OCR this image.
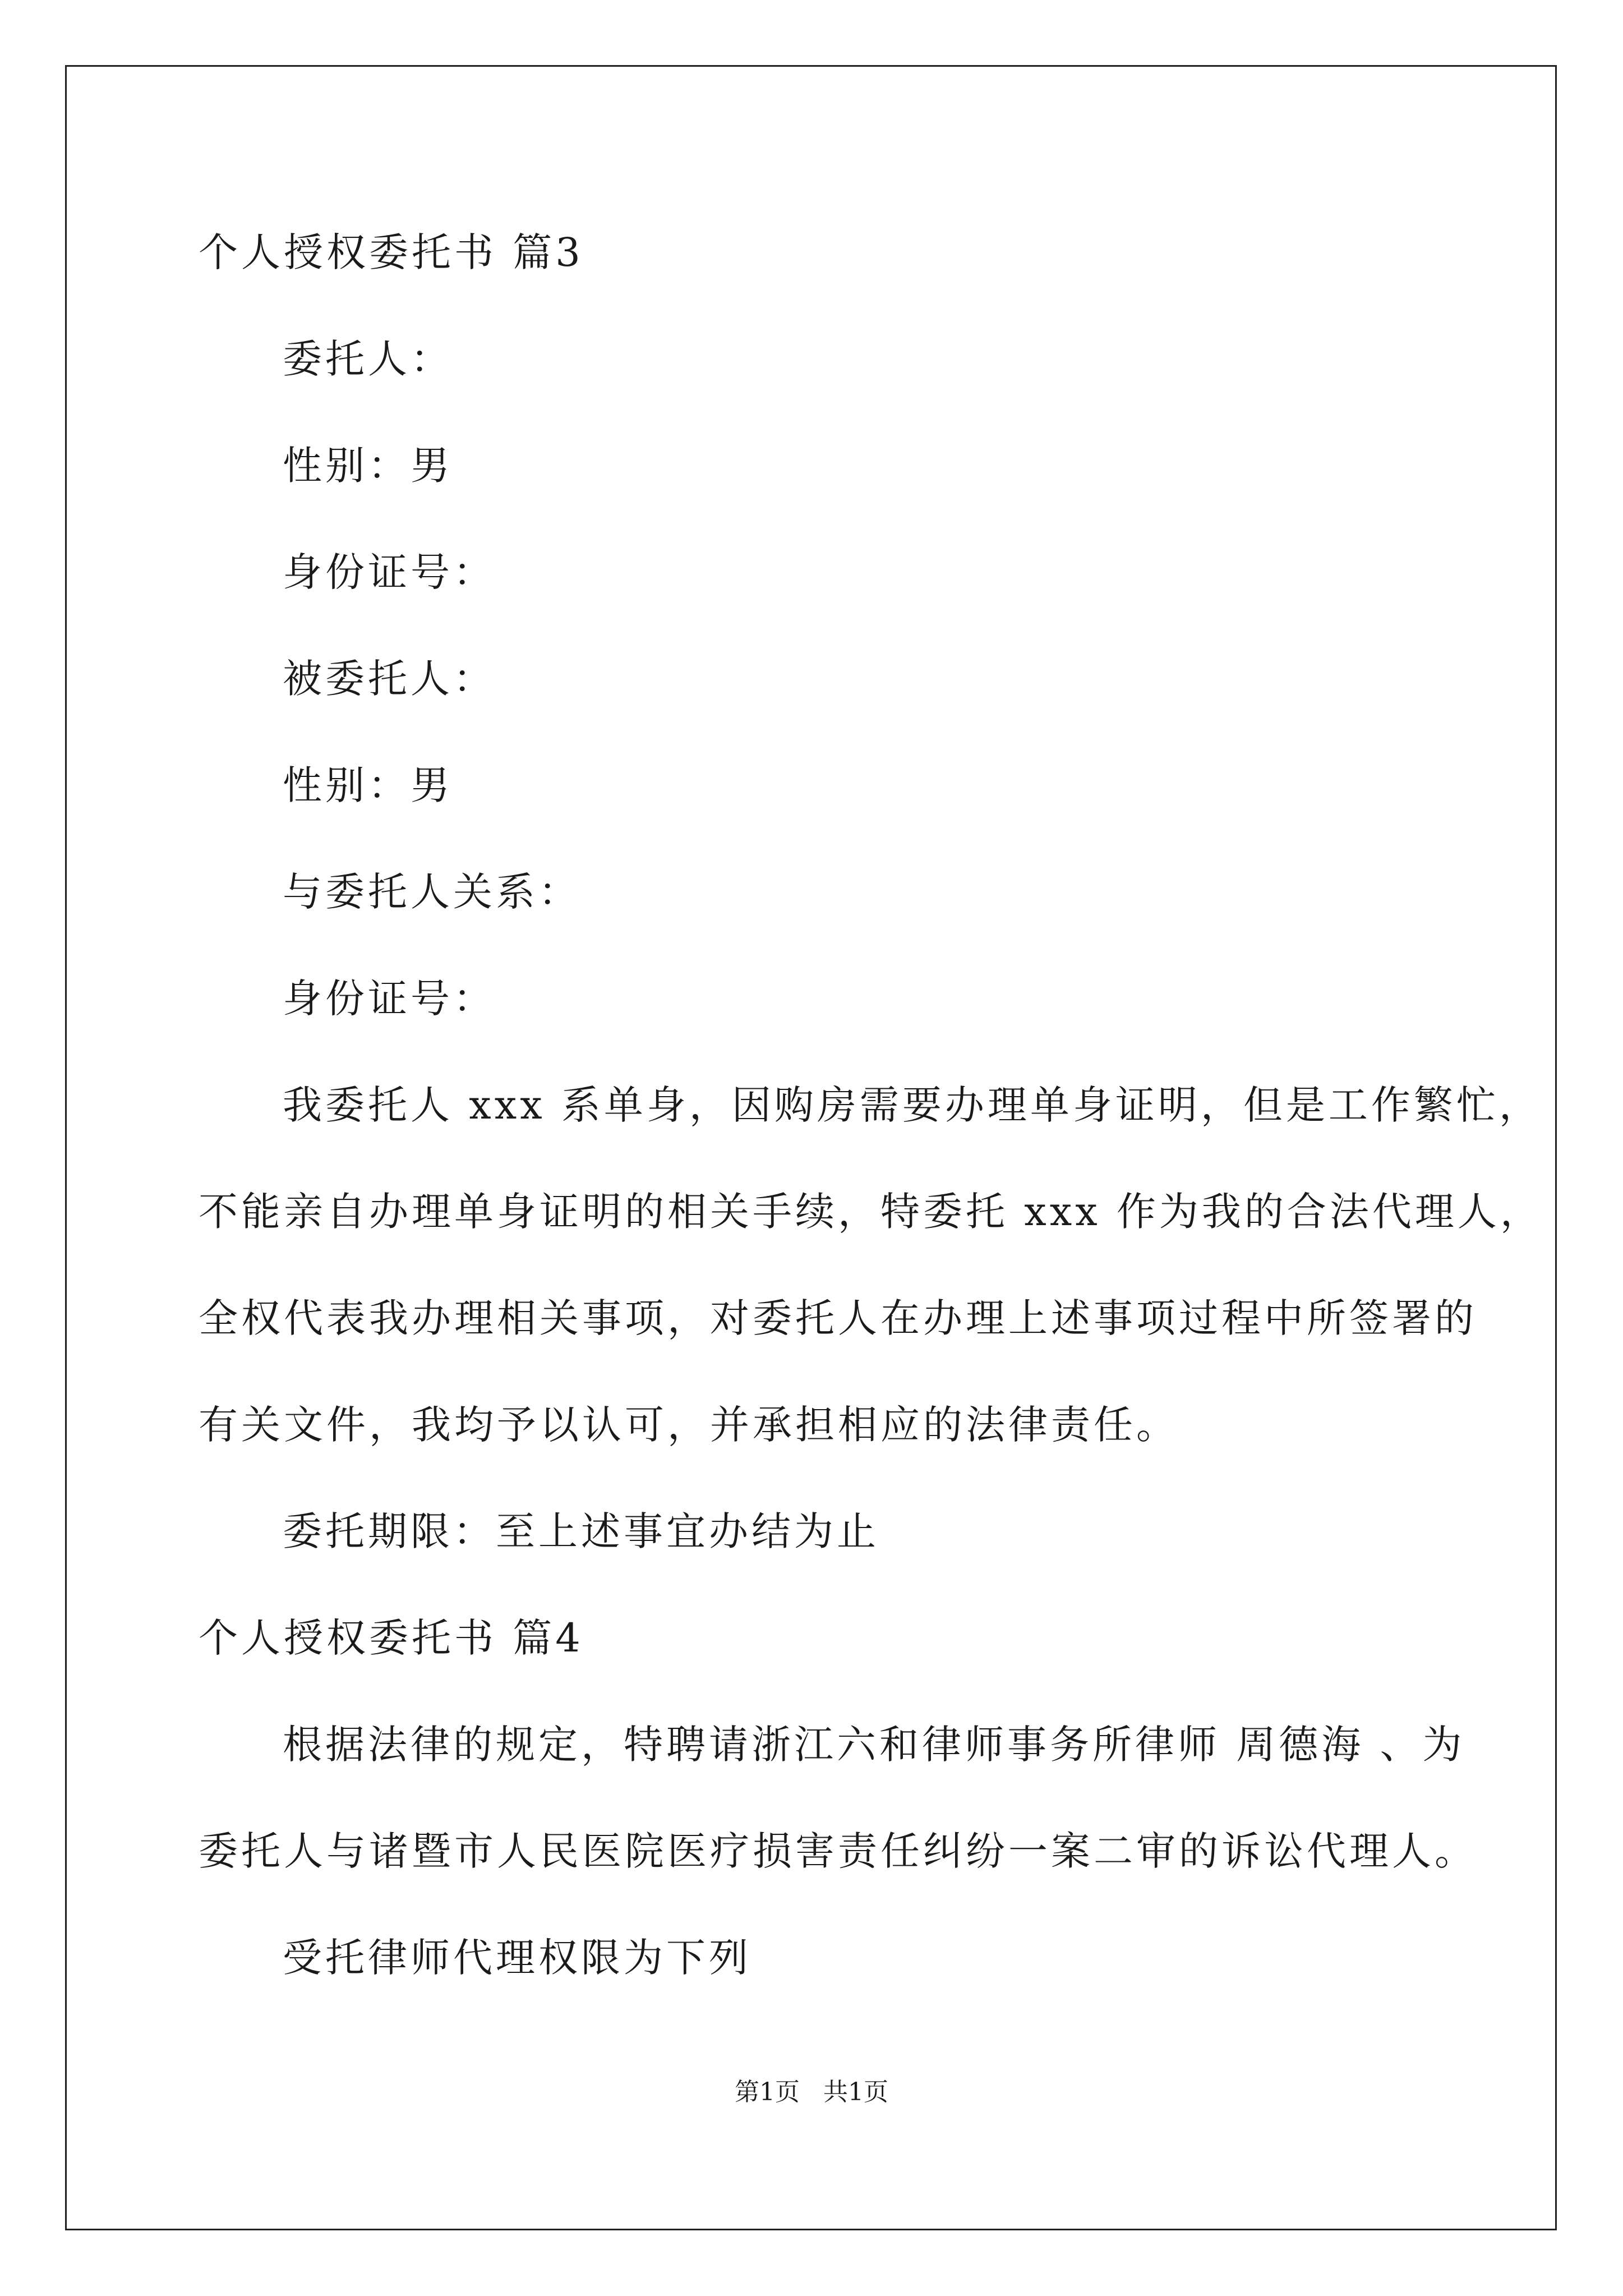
个人授权委托书 篇3
委托人：
性别：男
身份证号：
被委托人：
性别：男
与委托人关系：
身份证号：
我委托人 xxx 系单身，因购房需要办理单身证明，但是工作繁忙，
不能亲自办理单身证明的相关手续，特委托 xxx 作为我的合法代理人，
全权代表我办理相关事项，对委托人在办理上述事项过程中所签署的
有关文件，我均予以认可，并承担相应的法律责任。
委托期限：至上述事宜办结为止
个人授权委托书 篇4
根据法律的规定，特聘请浙江六和律师事务所律师 周德海 、为
委托人与诸暨市人民医院医疗损害责任纠纷一案二审的诉讼代理人。
受托律师代理权限为下列
第1页   共1页
